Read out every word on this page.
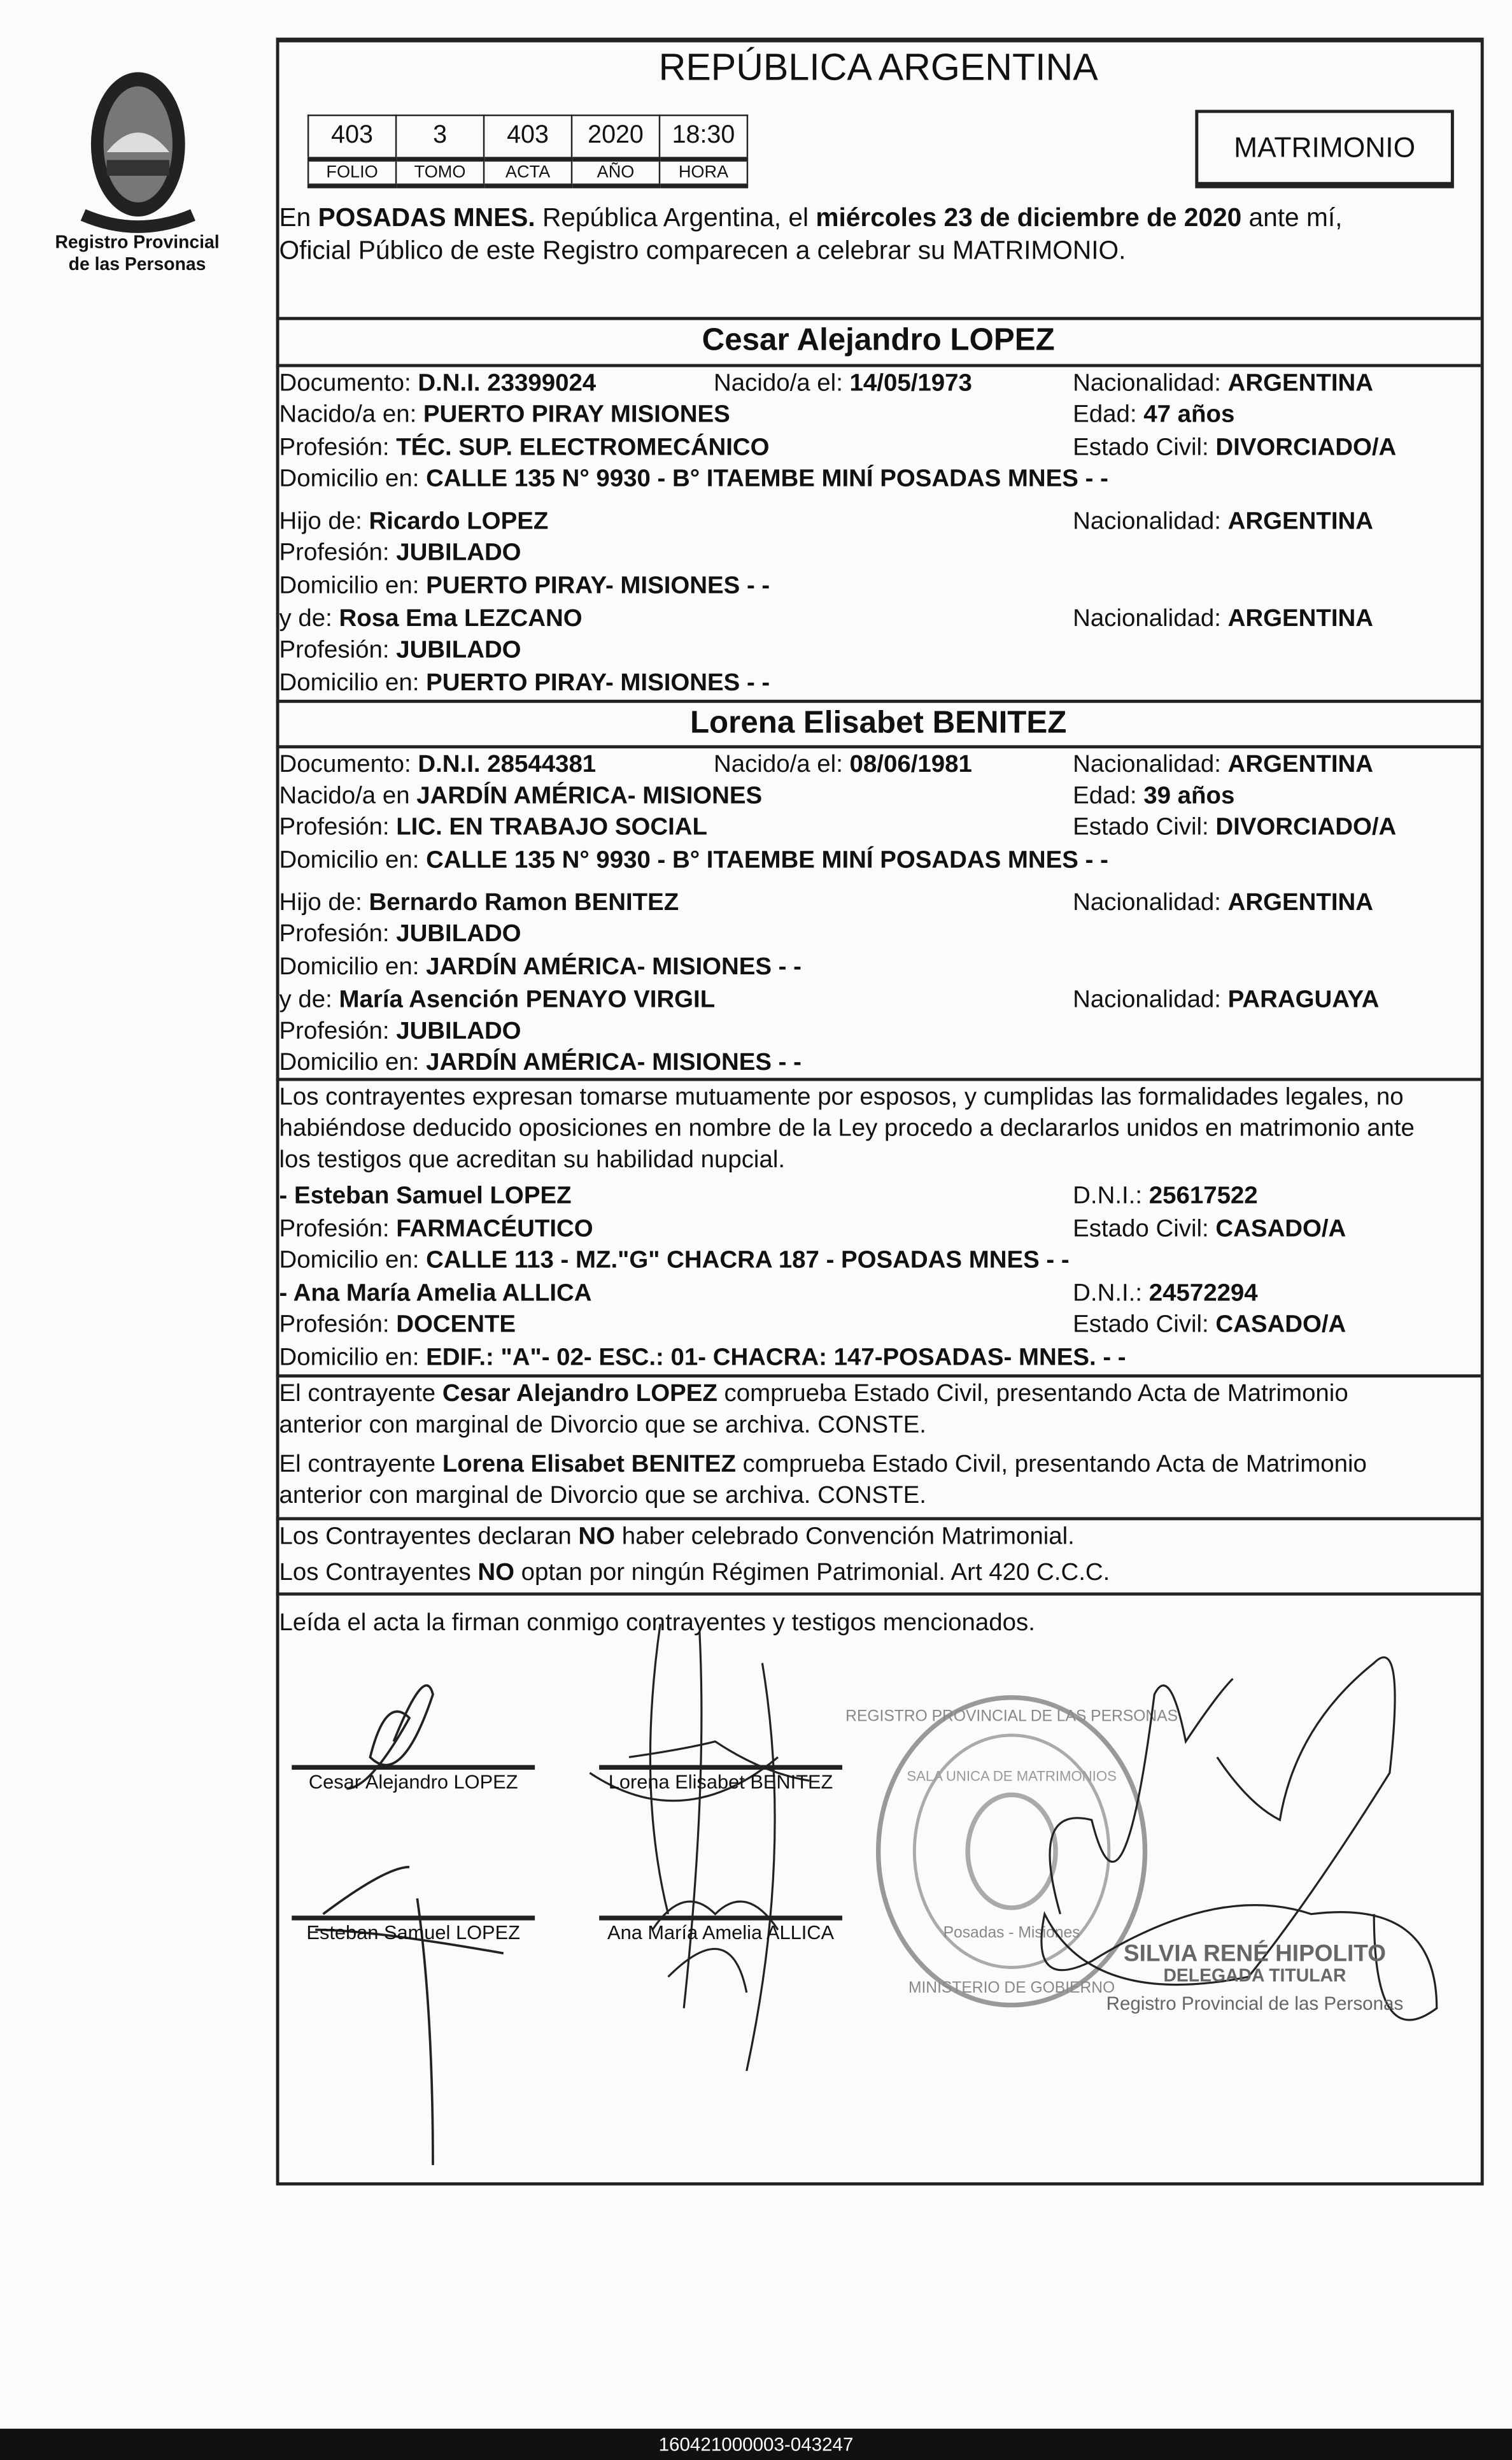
Registro Provincial
de las Personas
REPÚBLICA ARGENTINA
403	3	403	2020	18:30
FOLIO	TOMO	ACTA	AÑO	HORA
MATRIMONIO
En POSADAS MNES. República Argentina, el miércoles 23 de diciembre de 2020 ante mí,
Oficial Público de este Registro comparecen a celebrar su MATRIMONIO.
Cesar Alejandro LOPEZ
Documento: D.N.I. 23399024	Nacido/a el: 14/05/1973	Nacionalidad: ARGENTINA
Nacido/a en: PUERTO PIRAY MISIONES	Edad: 47 años
Profesión: TÉC. SUP. ELECTROMECÁNICO	Estado Civil: DIVORCIADO/A
Domicilio en: CALLE 135 N° 9930 - B° ITAEMBE MINÍ POSADAS MNES - -
Hijo de: Ricardo LOPEZ	Nacionalidad: ARGENTINA
Profesión: JUBILADO
Domicilio en: PUERTO PIRAY- MISIONES - -
y de: Rosa Ema LEZCANO	Nacionalidad: ARGENTINA
Profesión: JUBILADO
Domicilio en: PUERTO PIRAY- MISIONES - -
Lorena Elisabet BENITEZ
Documento: D.N.I. 28544381	Nacido/a el: 08/06/1981	Nacionalidad: ARGENTINA
Nacido/a en JARDÍN AMÉRICA- MISIONES	Edad: 39 años
Profesión: LIC. EN TRABAJO SOCIAL	Estado Civil: DIVORCIADO/A
Domicilio en: CALLE 135 N° 9930 - B° ITAEMBE MINÍ POSADAS MNES - -
Hijo de: Bernardo Ramon BENITEZ	Nacionalidad: ARGENTINA
Profesión: JUBILADO
Domicilio en: JARDÍN AMÉRICA- MISIONES - -
y de: María Asención PENAYO VIRGIL	Nacionalidad: PARAGUAYA
Profesión: JUBILADO
Domicilio en: JARDÍN AMÉRICA- MISIONES - -
Los contrayentes expresan tomarse mutuamente por esposos, y cumplidas las formalidades legales, no
habiéndose deducido oposiciones en nombre de la Ley procedo a declararlos unidos en matrimonio ante
los testigos que acreditan su habilidad nupcial.
- Esteban Samuel LOPEZ	D.N.I.: 25617522
Profesión: FARMACÉUTICO	Estado Civil: CASADO/A
Domicilio en: CALLE 113 - MZ."G" CHACRA 187 - POSADAS MNES - -
- Ana María Amelia ALLICA	D.N.I.: 24572294
Profesión: DOCENTE	Estado Civil: CASADO/A
Domicilio en: EDIF.: "A"- 02- ESC.: 01- CHACRA: 147-POSADAS- MNES. - -
El contrayente Cesar Alejandro LOPEZ comprueba Estado Civil, presentando Acta de Matrimonio
anterior con marginal de Divorcio que se archiva. CONSTE.
El contrayente Lorena Elisabet BENITEZ comprueba Estado Civil, presentando Acta de Matrimonio
anterior con marginal de Divorcio que se archiva. CONSTE.
Los Contrayentes declaran NO haber celebrado Convención Matrimonial.
Los Contrayentes NO optan por ningún Régimen Patrimonial. Art 420 C.C.C.
Leída el acta la firman conmigo contrayentes y testigos mencionados.
SALA UNICA DE MATRIMONIOS
REGISTRO PROVINCIAL DE LAS PERSONAS
Posadas - Misiones
MINISTERIO DE GOBIERNO
Cesar Alejandro LOPEZ	Lorena Elisabet BENITEZ
Esteban Samuel LOPEZ	Ana María Amelia ALLICA
SILVIA RENÉ HIPOLITO
DELEGADA TITULAR
Registro Provincial de las Personas
160421000003-043247
